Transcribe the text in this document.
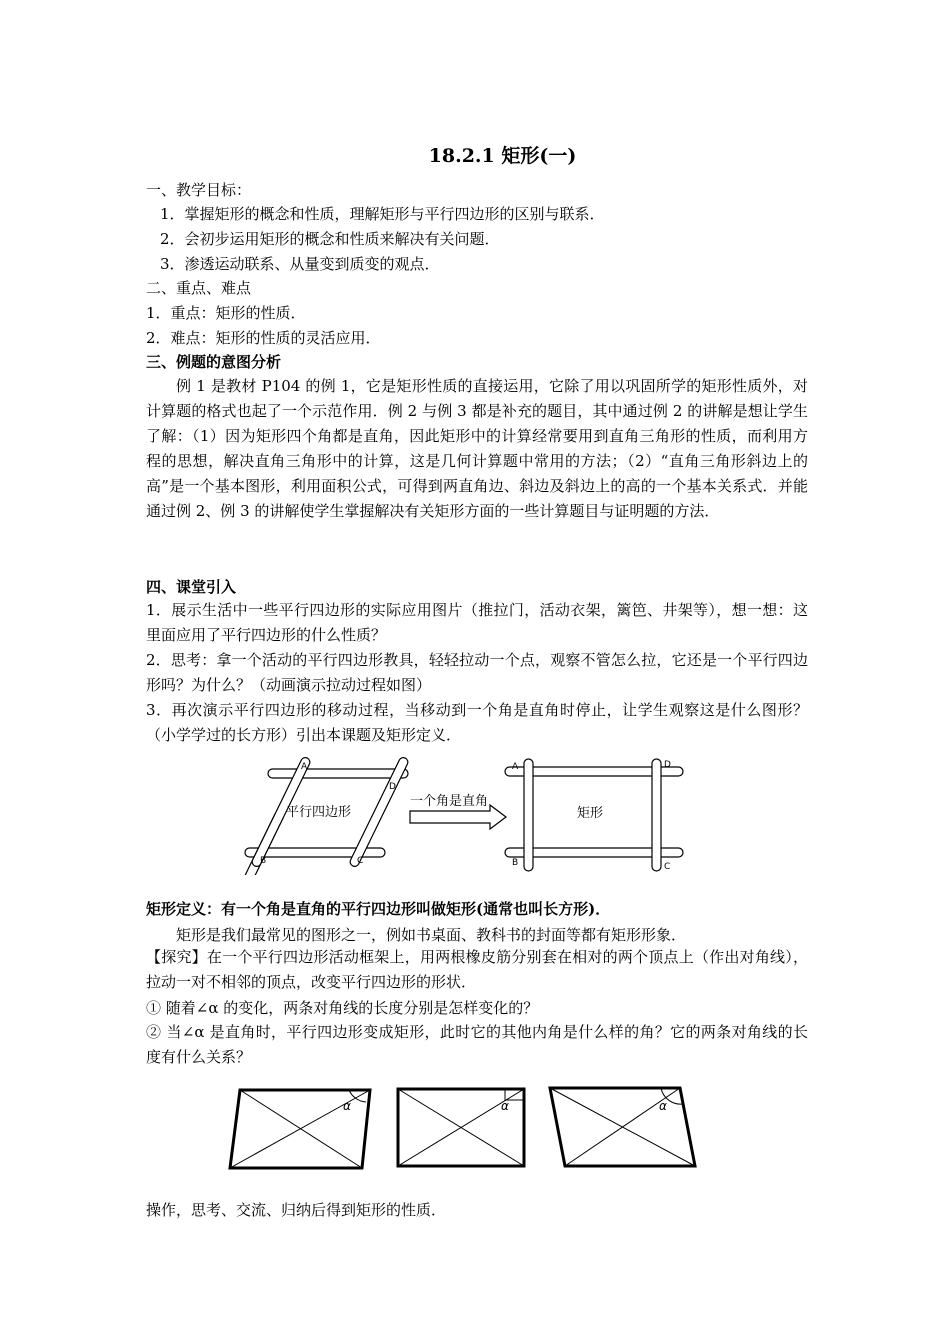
18.2.1 矩形(一)
一、教学目标：
1．掌握矩形的概念和性质，理解矩形与平行四边形的区别与联系．
2．会初步运用矩形的概念和性质来解决有关问题．
3．渗透运动联系、从量变到质变的观点．
二、重点、难点
1．重点：矩形的性质．
2．难点：矩形的性质的灵活应用．
三、例题的意图分析
例 1 是教材 P104 的例 1，它是矩形性质的直接运用，它除了用以巩固所学的矩形性质外，对计算题的格式也起了一个示范作用．例 2 与例 3 都是补充的题目，其中通过例 2 的讲解是想让学生了解：（1）因为矩形四个角都是直角，因此矩形中的计算经常要用到直角三角形的性质，而利用方程的思想，解决直角三角形中的计算，这是几何计算题中常用的方法；（2）“直角三角形斜边上的高”是一个基本图形，利用面积公式，可得到两直角边、斜边及斜边上的高的一个基本关系式．并能通过例 2、例 3 的讲解使学生掌握解决有关矩形方面的一些计算题目与证明题的方法．
四、课堂引入
1．展示生活中一些平行四边形的实际应用图片（推拉门，活动衣架，篱笆、井架等），想一想：这里面应用了平行四边形的什么性质？
2．思考：拿一个活动的平行四边形教具，轻轻拉动一个点，观察不管怎么拉，它还是一个平行四边形吗？为什么？（动画演示拉动过程如图）
3．再次演示平行四边形的移动过程，当移动到一个角是直角时停止，让学生观察这是什么图形？（小学学过的长方形）引出本课题及矩形定义．
平行四边形
A
B	C
D
一个角是直角
矩形
A
B	C
D
矩形定义：有一个角是直角的平行四边形叫做矩形(通常也叫长方形)．
矩形是我们最常见的图形之一，例如书桌面、教科书的封面等都有矩形形象．
【探究】在一个平行四边形活动框架上，用两根橡皮筋分别套在相对的两个顶点上（作出对角线），拉动一对不相邻的顶点，改变平行四边形的形状．
① 随着∠α 的变化，两条对角线的长度分别是怎样变化的？
② 当∠α 是直角时，平行四边形变成矩形，此时它的其他内角是什么样的角？它的两条对角线的长度有什么关系？
α	α	α
操作，思考、交流、归纳后得到矩形的性质．
